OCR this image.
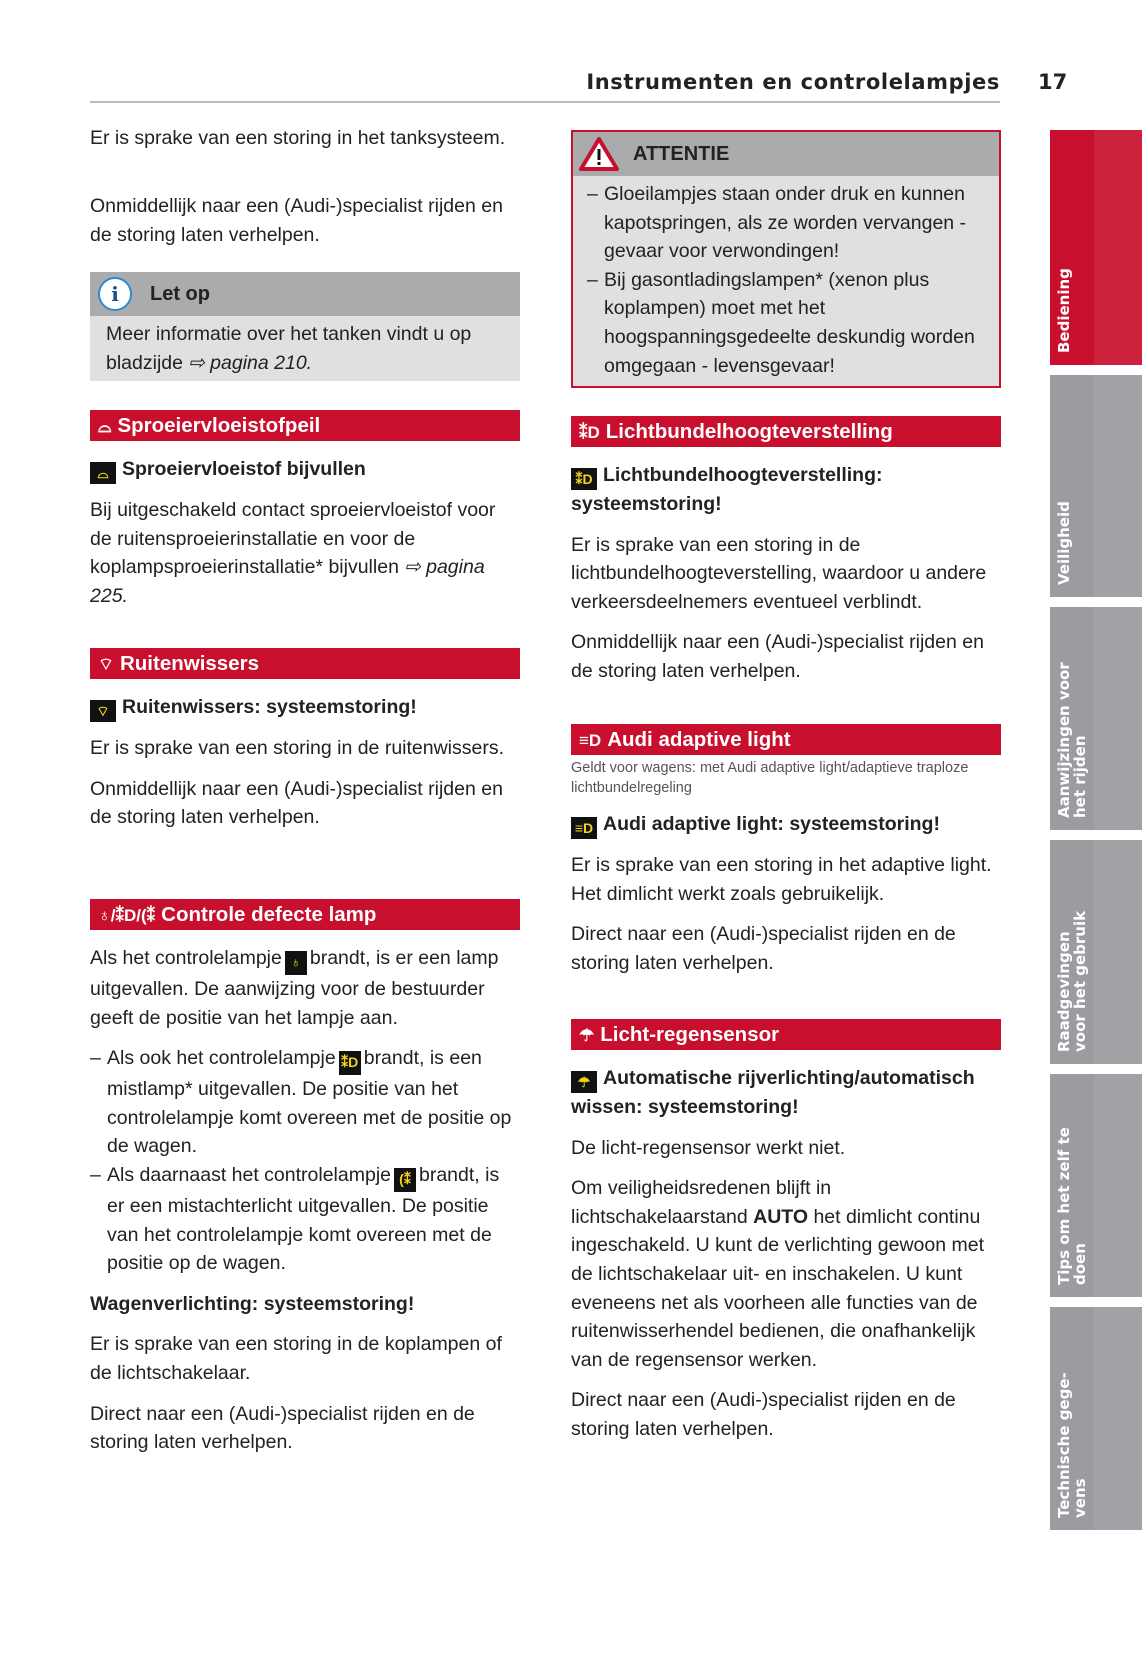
Instrumenten en controlelampjes 17

Er is sprake van een storing in het tanksysteem.

Onmiddellijk naar een (Audi-)specialist rijden en de storing laten verhelpen.

i	Let op

Meer informatie over het tanken vindt u op bladzijde ⇨ pagina 210.

⌓ Sproeiervloeistofpeil
⌓ Sproeiervloeistof bijvullen

Bij uitgeschakeld contact sproeiervloeistof voor de ruitensproeierinstallatie en voor de koplampsproeierinstallatie* bijvullen ⇨ pagina 225.

⌔ Ruitenwissers
⌔ Ruitenwissers: systeemstoring!

Er is sprake van een storing in de ruitenwissers.

Onmiddellijk naar een (Audi-)specialist rijden en de storing laten verhelpen.

♁/⁑D/(⁑ Controle defecte lamp

Als het controlelampje ♁ brandt, is er een lamp uitgevallen. De aanwijzing voor de bestuurder geeft de positie van het lampje aan.

– Als ook het controlelampje ⁑D brandt, is een mistlamp* uitgevallen. De positie van het controlelampje komt overeen met de positie op de wagen.
– Als daarnaast het controlelampje (⁑ brandt, is er een mistachterlicht uitgevallen. De positie van het controlelampje komt overeen met de positie op de wagen.
Wagenverlichting: systeemstoring!

Er is sprake van een storing in de koplampen of de lichtschakelaar.

Direct naar een (Audi-)specialist rijden en de storing laten verhelpen.

ATTENTIE
– Gloeilampjes staan onder druk en kunnen kapotspringen, als ze worden vervangen - gevaar voor verwondingen!
– Bij gasontladingslampen* (xenon plus koplampen) moet met het hoogspanningsgedeelte deskundig worden omgegaan - levensgevaar!
⁑D Lichtbundelhoogteverstelling
⁑D Lichtbundelhoogteverstelling: systeemstoring!

Er is sprake van een storing in de lichtbundelhoogteverstelling, waardoor u andere verkeersdeelnemers eventueel verblindt.

Onmiddellijk naar een (Audi-)specialist rijden en de storing laten verhelpen.

≡D Audi adaptive light
Geldt voor wagens: met Audi adaptive light/adaptieve traploze lichtbundelregeling
≡D Audi adaptive light: systeemstoring!

Er is sprake van een storing in het adaptive light. Het dimlicht werkt zoals gebruikelijk.

Direct naar een (Audi-)specialist rijden en de storing laten verhelpen.

☂ Licht-regensensor
☂ Automatische rijverlichting/automatisch wissen: systeemstoring!

De licht-regensensor werkt niet.

Om veiligheidsredenen blijft in lichtschakelaarstand AUTO het dimlicht continu ingeschakeld. U kunt de verlichting gewoon met de lichtschakelaar uit- en inschakelen. U kunt eveneens net als voorheen alle functies van de ruitenwisserhendel bedienen, die onafhankelijk van de regensensor werken.

Direct naar een (Audi-)specialist rijden en de storing laten verhelpen.

Bediening
Veiligheid
Aanwijzingen voor
het rijden
Raadgevingen
voor het gebruik
Tips om het zelf te
doen
Technische gege-
vens
